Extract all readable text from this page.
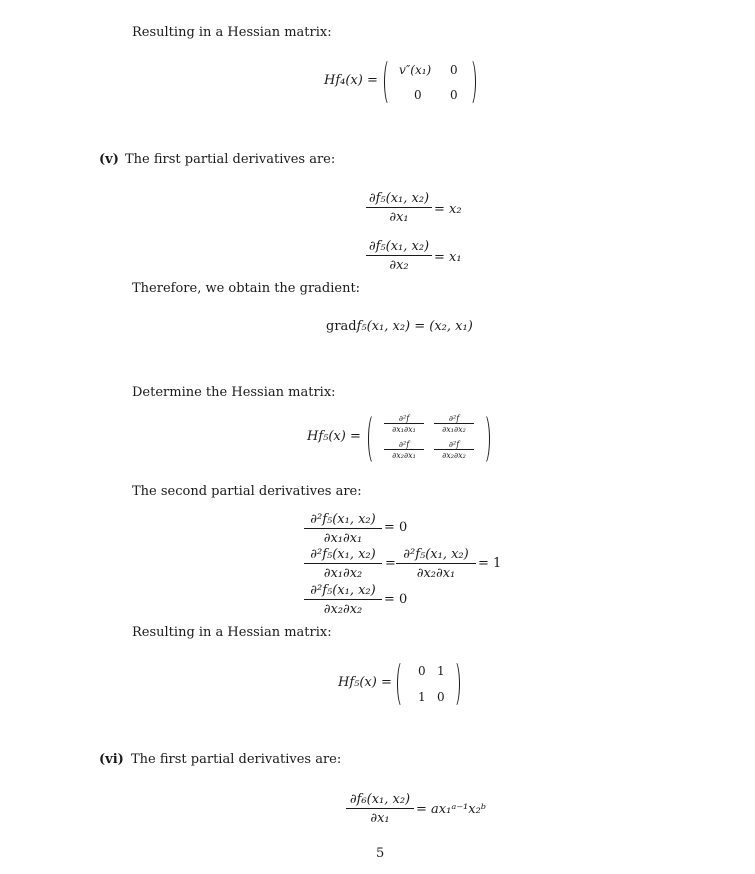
Resulting in a Hessian matrix:
Hf₄(x) =
v″(x₁) 0
0 0
(v) The first partial derivatives are:
∂f₅(x₁, x₂)
∂x₁
= x₂
∂f₅(x₁, x₂)
∂x₂
= x₁
Therefore, we obtain the gradient:
gradf₅(x₁, x₂) = (x₂, x₁)
Determine the Hessian matrix:
Hf₅(x) =
∂²f
∂x₁∂x₁
∂²f
∂x₁∂x₂
∂²f
∂x₂∂x₁
∂²f
∂x₂∂x₂
The second partial derivatives are:
∂²f₅(x₁, x₂)
∂x₁∂x₁
= 0
∂²f₅(x₁, x₂)
∂x₁∂x₂
=
∂²f₅(x₁, x₂)
∂x₂∂x₁
= 1
∂²f₅(x₁, x₂)
∂x₂∂x₂
= 0
Resulting in a Hessian matrix:
Hf₅(x) =
0 1
1 0
(vi) The first partial derivatives are:
∂f₆(x₁, x₂)
∂x₁
= ax₁ᵃ⁻¹x₂ᵇ
5
